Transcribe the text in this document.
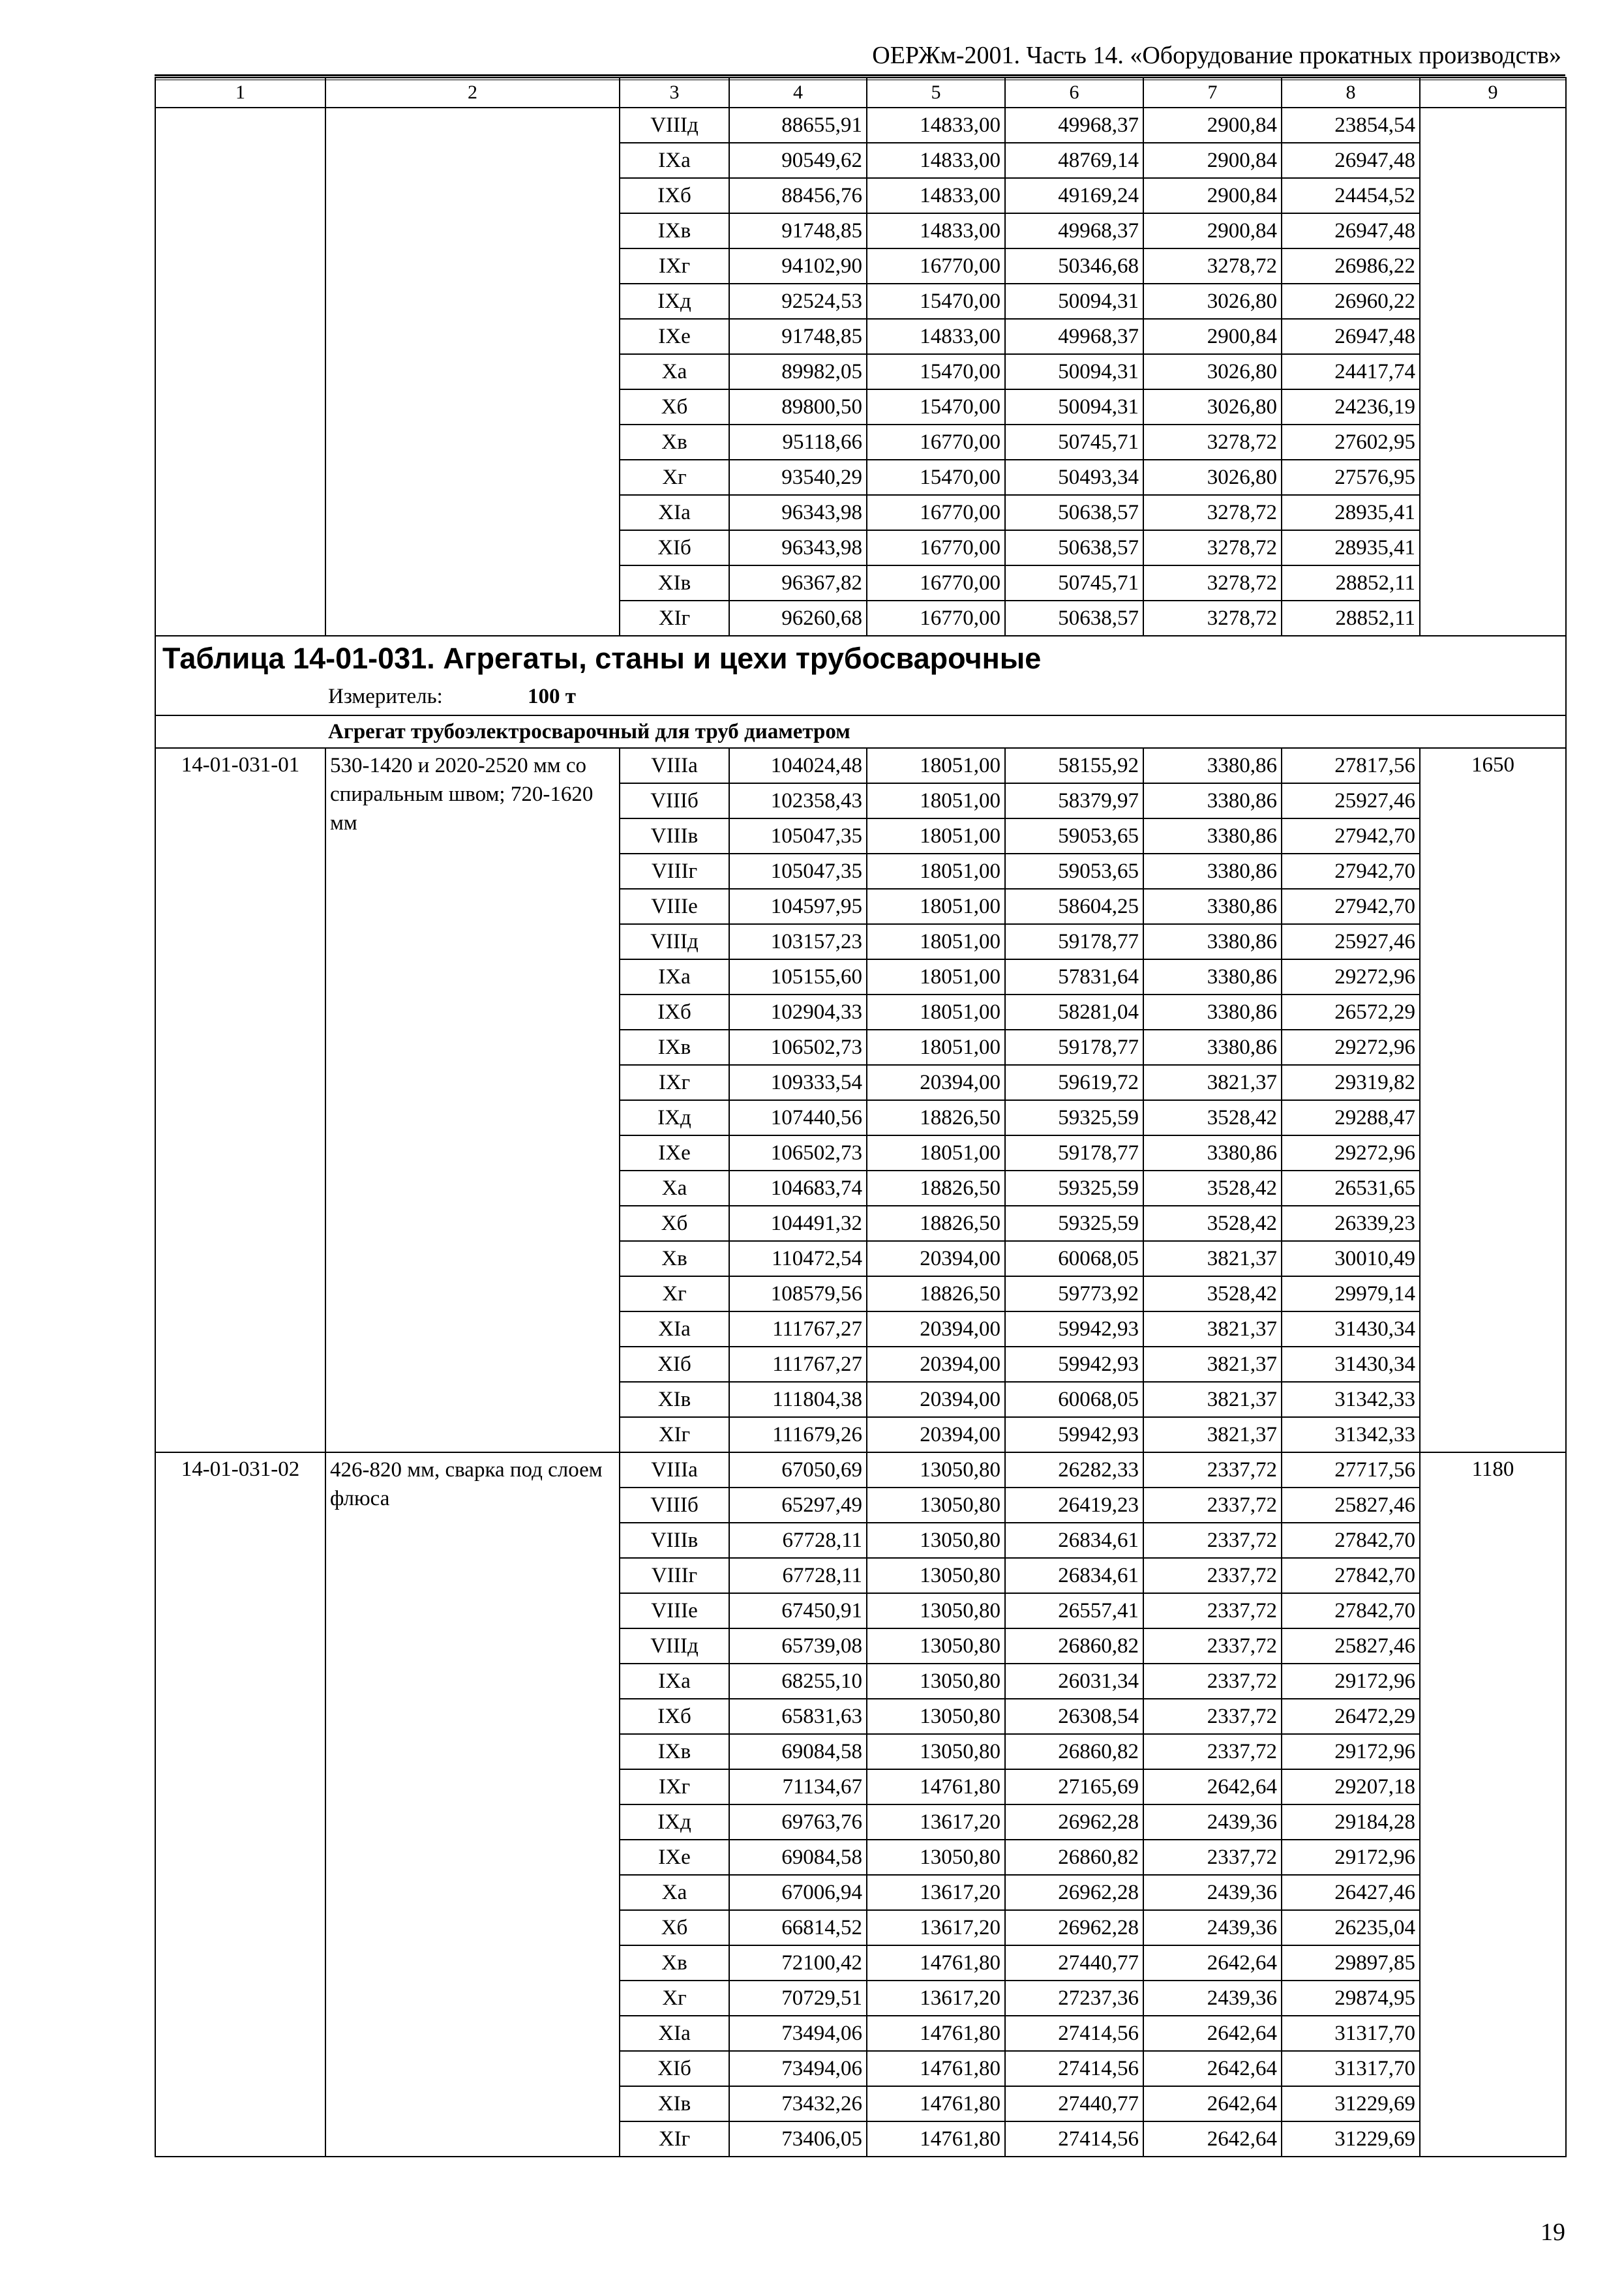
ОЕРЖм-2001. Часть 14. «Оборудование прокатных производств»
1	2	3	4	5	6	7	8	9
		VIIIд	88655,91	14833,00	49968,37	2900,84	23854,54	
		IXа	90549,62	14833,00	48769,14	2900,84	26947,48	
		IXб	88456,76	14833,00	49169,24	2900,84	24454,52	
		IXв	91748,85	14833,00	49968,37	2900,84	26947,48	
		IXг	94102,90	16770,00	50346,68	3278,72	26986,22	
		IXд	92524,53	15470,00	50094,31	3026,80	26960,22	
		IXе	91748,85	14833,00	49968,37	2900,84	26947,48	
		Xа	89982,05	15470,00	50094,31	3026,80	24417,74	
		Xб	89800,50	15470,00	50094,31	3026,80	24236,19	
		Xв	95118,66	16770,00	50745,71	3278,72	27602,95	
		Xг	93540,29	15470,00	50493,34	3026,80	27576,95	
		XIа	96343,98	16770,00	50638,57	3278,72	28935,41	
		XIб	96343,98	16770,00	50638,57	3278,72	28935,41	
		XIв	96367,82	16770,00	50745,71	3278,72	28852,11	
		XIг	96260,68	16770,00	50638,57	3278,72	28852,11	

Таблица 14-01-031. Агрегаты, станы и цехи трубосварочные
Измеритель: 100 т								

Агрегат трубоэлектросварочный для труб диаметром								
14-01-031-01	530-1420 и 2020-2520 мм со спиральным швом; 720-1620 мм	VIIIа	104024,48	18051,00	58155,92	3380,86	27817,56	1650
		VIIIб	102358,43	18051,00	58379,97	3380,86	25927,46	
		VIIIв	105047,35	18051,00	59053,65	3380,86	27942,70	
		VIIIг	105047,35	18051,00	59053,65	3380,86	27942,70	
		VIIIе	104597,95	18051,00	58604,25	3380,86	27942,70	
		VIIIд	103157,23	18051,00	59178,77	3380,86	25927,46	
		IXа	105155,60	18051,00	57831,64	3380,86	29272,96	
		IXб	102904,33	18051,00	58281,04	3380,86	26572,29	
		IXв	106502,73	18051,00	59178,77	3380,86	29272,96	
		IXг	109333,54	20394,00	59619,72	3821,37	29319,82	
		IXд	107440,56	18826,50	59325,59	3528,42	29288,47	
		IXе	106502,73	18051,00	59178,77	3380,86	29272,96	
		Xа	104683,74	18826,50	59325,59	3528,42	26531,65	
		Xб	104491,32	18826,50	59325,59	3528,42	26339,23	
		Xв	110472,54	20394,00	60068,05	3821,37	30010,49	
		Xг	108579,56	18826,50	59773,92	3528,42	29979,14	
		XIа	111767,27	20394,00	59942,93	3821,37	31430,34	
		XIб	111767,27	20394,00	59942,93	3821,37	31430,34	
		XIв	111804,38	20394,00	60068,05	3821,37	31342,33	
		XIг	111679,26	20394,00	59942,93	3821,37	31342,33	
14-01-031-02	426-820 мм, сварка под слоем флюса	VIIIа	67050,69	13050,80	26282,33	2337,72	27717,56	1180
		VIIIб	65297,49	13050,80	26419,23	2337,72	25827,46	
		VIIIв	67728,11	13050,80	26834,61	2337,72	27842,70	
		VIIIг	67728,11	13050,80	26834,61	2337,72	27842,70	
		VIIIе	67450,91	13050,80	26557,41	2337,72	27842,70	
		VIIIд	65739,08	13050,80	26860,82	2337,72	25827,46	
		IXа	68255,10	13050,80	26031,34	2337,72	29172,96	
		IXб	65831,63	13050,80	26308,54	2337,72	26472,29	
		IXв	69084,58	13050,80	26860,82	2337,72	29172,96	
		IXг	71134,67	14761,80	27165,69	2642,64	29207,18	
		IXд	69763,76	13617,20	26962,28	2439,36	29184,28	
		IXе	69084,58	13050,80	26860,82	2337,72	29172,96	
		Xа	67006,94	13617,20	26962,28	2439,36	26427,46	
		Xб	66814,52	13617,20	26962,28	2439,36	26235,04	
		Xв	72100,42	14761,80	27440,77	2642,64	29897,85	
		Xг	70729,51	13617,20	27237,36	2439,36	29874,95	
		XIа	73494,06	14761,80	27414,56	2642,64	31317,70	
		XIб	73494,06	14761,80	27414,56	2642,64	31317,70	
		XIв	73432,26	14761,80	27440,77	2642,64	31229,69	
		XIг	73406,05	14761,80	27414,56	2642,64	31229,69	
19
